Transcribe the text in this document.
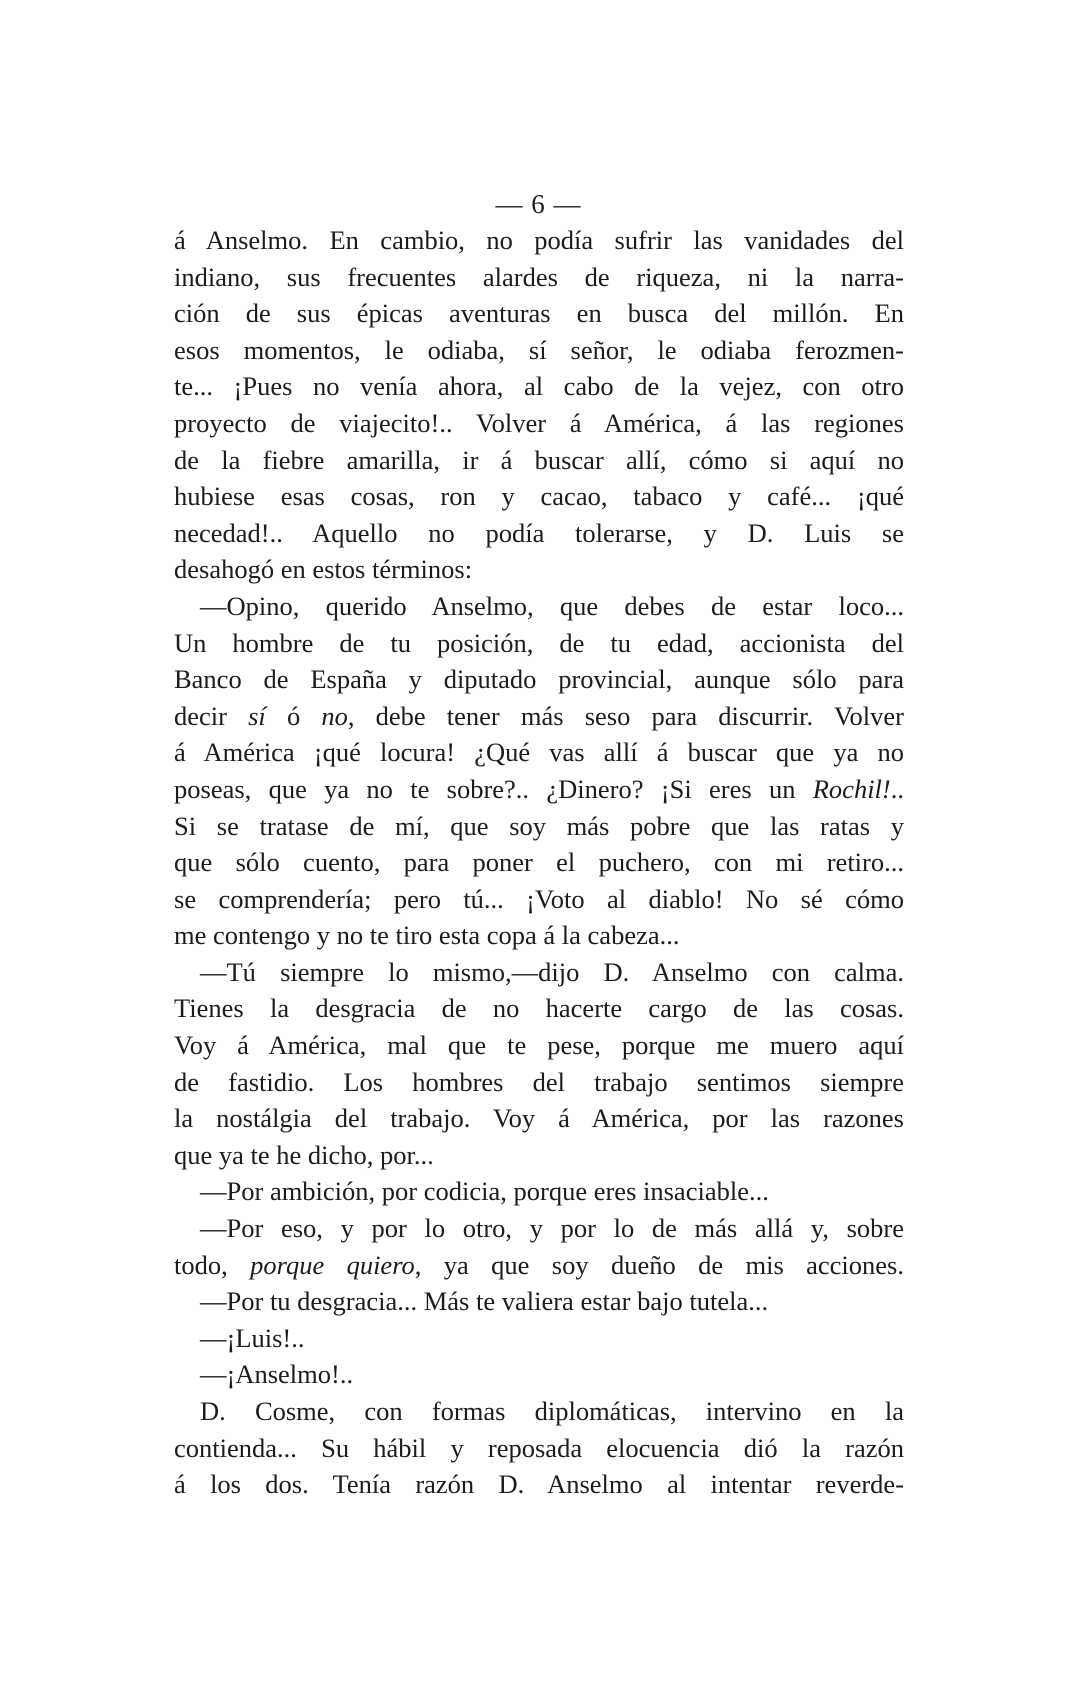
— 6 —
á Anselmo. En cambio, no podía sufrir las vanidades del
indiano, sus frecuentes alardes de riqueza, ni la narra-
ción de sus épicas aventuras en busca del millón. En
esos momentos, le odiaba, sí señor, le odiaba ferozmen-
te... ¡Pues no venía ahora, al cabo de la vejez, con otro
proyecto de viajecito!.. Volver á América, á las regiones
de la fiebre amarilla, ir á buscar allí, cómo si aquí no
hubiese esas cosas, ron y cacao, tabaco y café... ¡qué
necedad!.. Aquello no podía tolerarse, y D. Luis se
desahogó en estos términos:
—Opino, querido Anselmo, que debes de estar loco...
Un hombre de tu posición, de tu edad, accionista del
Banco de España y diputado provincial, aunque sólo para
decir sí ó no, debe tener más seso para discurrir. Volver
á América ¡qué locura! ¿Qué vas allí á buscar que ya no
poseas, que ya no te sobre?.. ¿Dinero? ¡Si eres un Rochil!..
Si se tratase de mí, que soy más pobre que las ratas y
que sólo cuento, para poner el puchero, con mi retiro...
se comprendería; pero tú... ¡Voto al diablo! No sé cómo
me contengo y no te tiro esta copa á la cabeza...
—Tú siempre lo mismo,—dijo D. Anselmo con calma.
Tienes la desgracia de no hacerte cargo de las cosas.
Voy á América, mal que te pese, porque me muero aquí
de fastidio. Los hombres del trabajo sentimos siempre
la nostálgia del trabajo. Voy á América, por las razones
que ya te he dicho, por...
—Por ambición, por codicia, porque eres insaciable...
—Por eso, y por lo otro, y por lo de más allá y, sobre
todo, porque quiero, ya que soy dueño de mis acciones.
—Por tu desgracia... Más te valiera estar bajo tutela...
—¡Luis!..
—¡Anselmo!..
D. Cosme, con formas diplomáticas, intervino en la
contienda... Su hábil y reposada elocuencia dió la razón
á los dos. Tenía razón D. Anselmo al intentar reverde-
